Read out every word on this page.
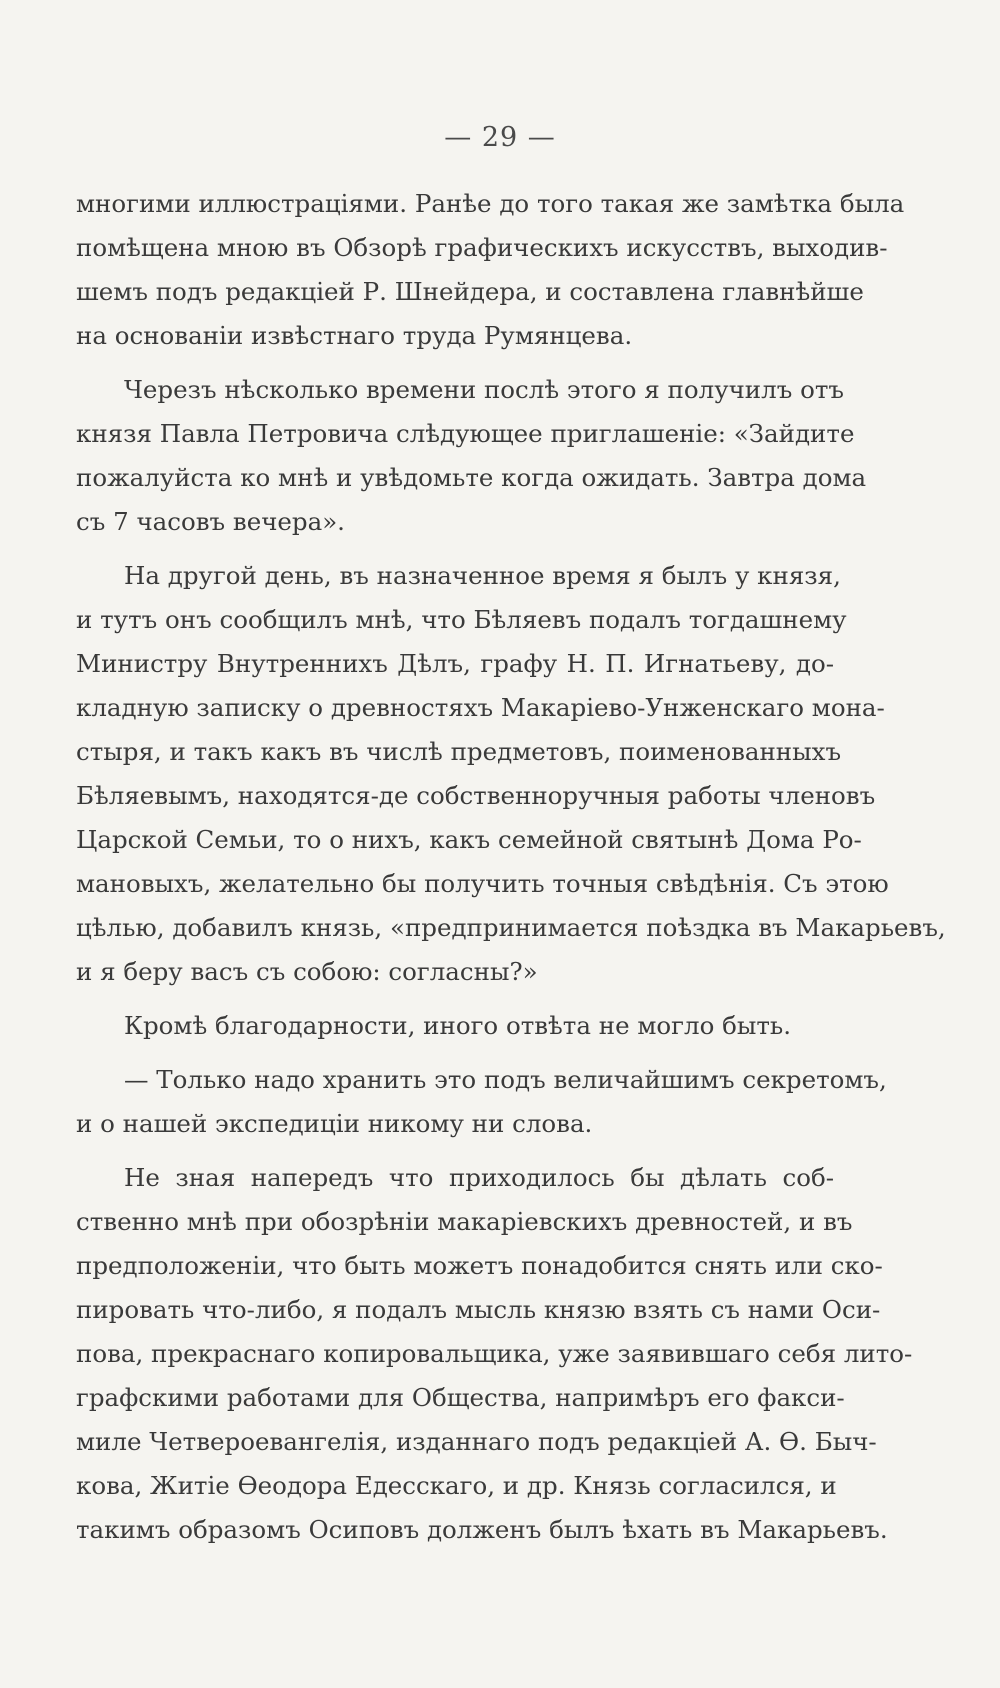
— 29 —
многими иллюстраціями. Ранѣе до того такая же замѣтка была
помѣщена мною въ Обзорѣ графическихъ искусствъ, выходив-
шемъ подъ редакціей Р. Шнейдера, и составлена главнѣйше
на основаніи извѣстнаго труда Румянцева.
Черезъ нѣсколько времени послѣ этого я получилъ отъ
князя Павла Петровича слѣдующее приглашеніе: «Зайдите
пожалуйста ко мнѣ и увѣдомьте когда ожидать. Завтра дома
съ 7 часовъ вечера».
На другой день, въ назначенное время я былъ у князя,
и тутъ онъ сообщилъ мнѣ, что Бѣляевъ подалъ тогдашнему
Министру Внутреннихъ Дѣлъ, графу Н. П. Игнатьеву, до-
кладную записку о древностяхъ Макаріево-Унженскаго мона-
стыря, и такъ какъ въ числѣ предметовъ, поименованныхъ
Бѣляевымъ, находятся-де собственноручныя работы членовъ
Царской Семьи, то о нихъ, какъ семейной святынѣ Дома Ро-
мановыхъ, желательно бы получить точныя свѣдѣнія. Съ этою
цѣлью, добавилъ князь, «предпринимается поѣздка въ Макарьевъ,
и я беру васъ съ собою: согласны?»
Кромѣ благодарности, иного отвѣта не могло быть.
— Только надо хранить это подъ величайшимъ секретомъ,
и о нашей экспедиціи никому ни слова.
Не зная напередъ что приходилось бы дѣлать соб-
ственно мнѣ при обозрѣніи макаріевскихъ древностей, и въ
предположеніи, что быть можетъ понадобится снять или ско-
пировать что-либо, я подалъ мысль князю взять съ нами Оси-
пова, прекраснаго копировальщика, уже заявившаго себя лито-
графскими работами для Общества, напримѣръ его факси-
миле Четвероевангелія, изданнаго подъ редакціей А. Ѳ. Быч-
кова, Житіе Ѳеодора Едесскаго, и др. Князь согласился, и
такимъ образомъ Осиповъ долженъ былъ ѣхать въ Макарьевъ.
